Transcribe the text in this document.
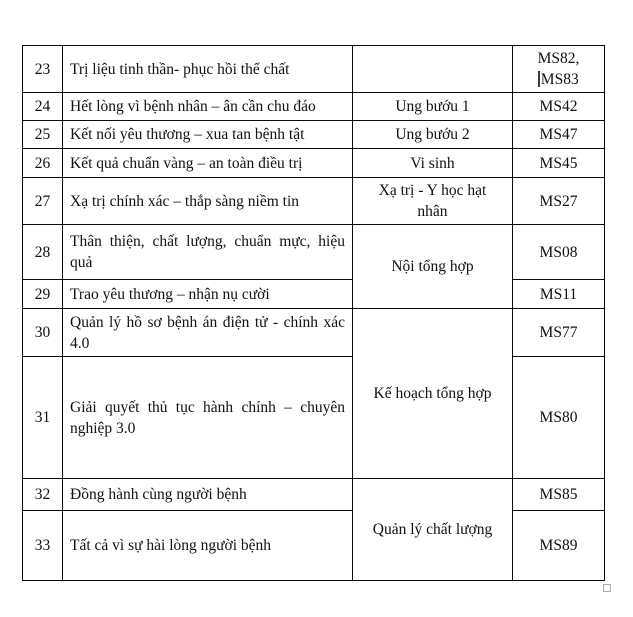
23	Trị liệu tinh thần- phục hồi thể chất		MS82,
MS83
24	Hết lòng vì bệnh nhân – ân cần chu đáo	Ung bướu 1	MS42
25	Kết nối yêu thương – xua tan bệnh tật	Ung bướu 2	MS47
26	Kết quả chuẩn vàng – an toàn điều trị	Vi sinh	MS45
27	Xạ trị chính xác – thắp sàng niềm tin	Xạ trị - Y học hạt nhân	MS27
28	Thân thiện, chất lượng, chuẩn mực, hiệu quả	Nội tổng hợp	MS08
29	Trao yêu thương – nhận nụ cười		MS11
30	Quản lý hồ sơ bệnh án điện tử - chính xác 4.0	Kế hoạch tổng hợp	MS77
31	Giải quyết thủ tục hành chính – chuyên nghiệp 3.0		MS80
32	Đồng hành cùng người bệnh	Quản lý chất lượng	MS85
33	Tất cả vì sự hài lòng người bệnh		MS89
